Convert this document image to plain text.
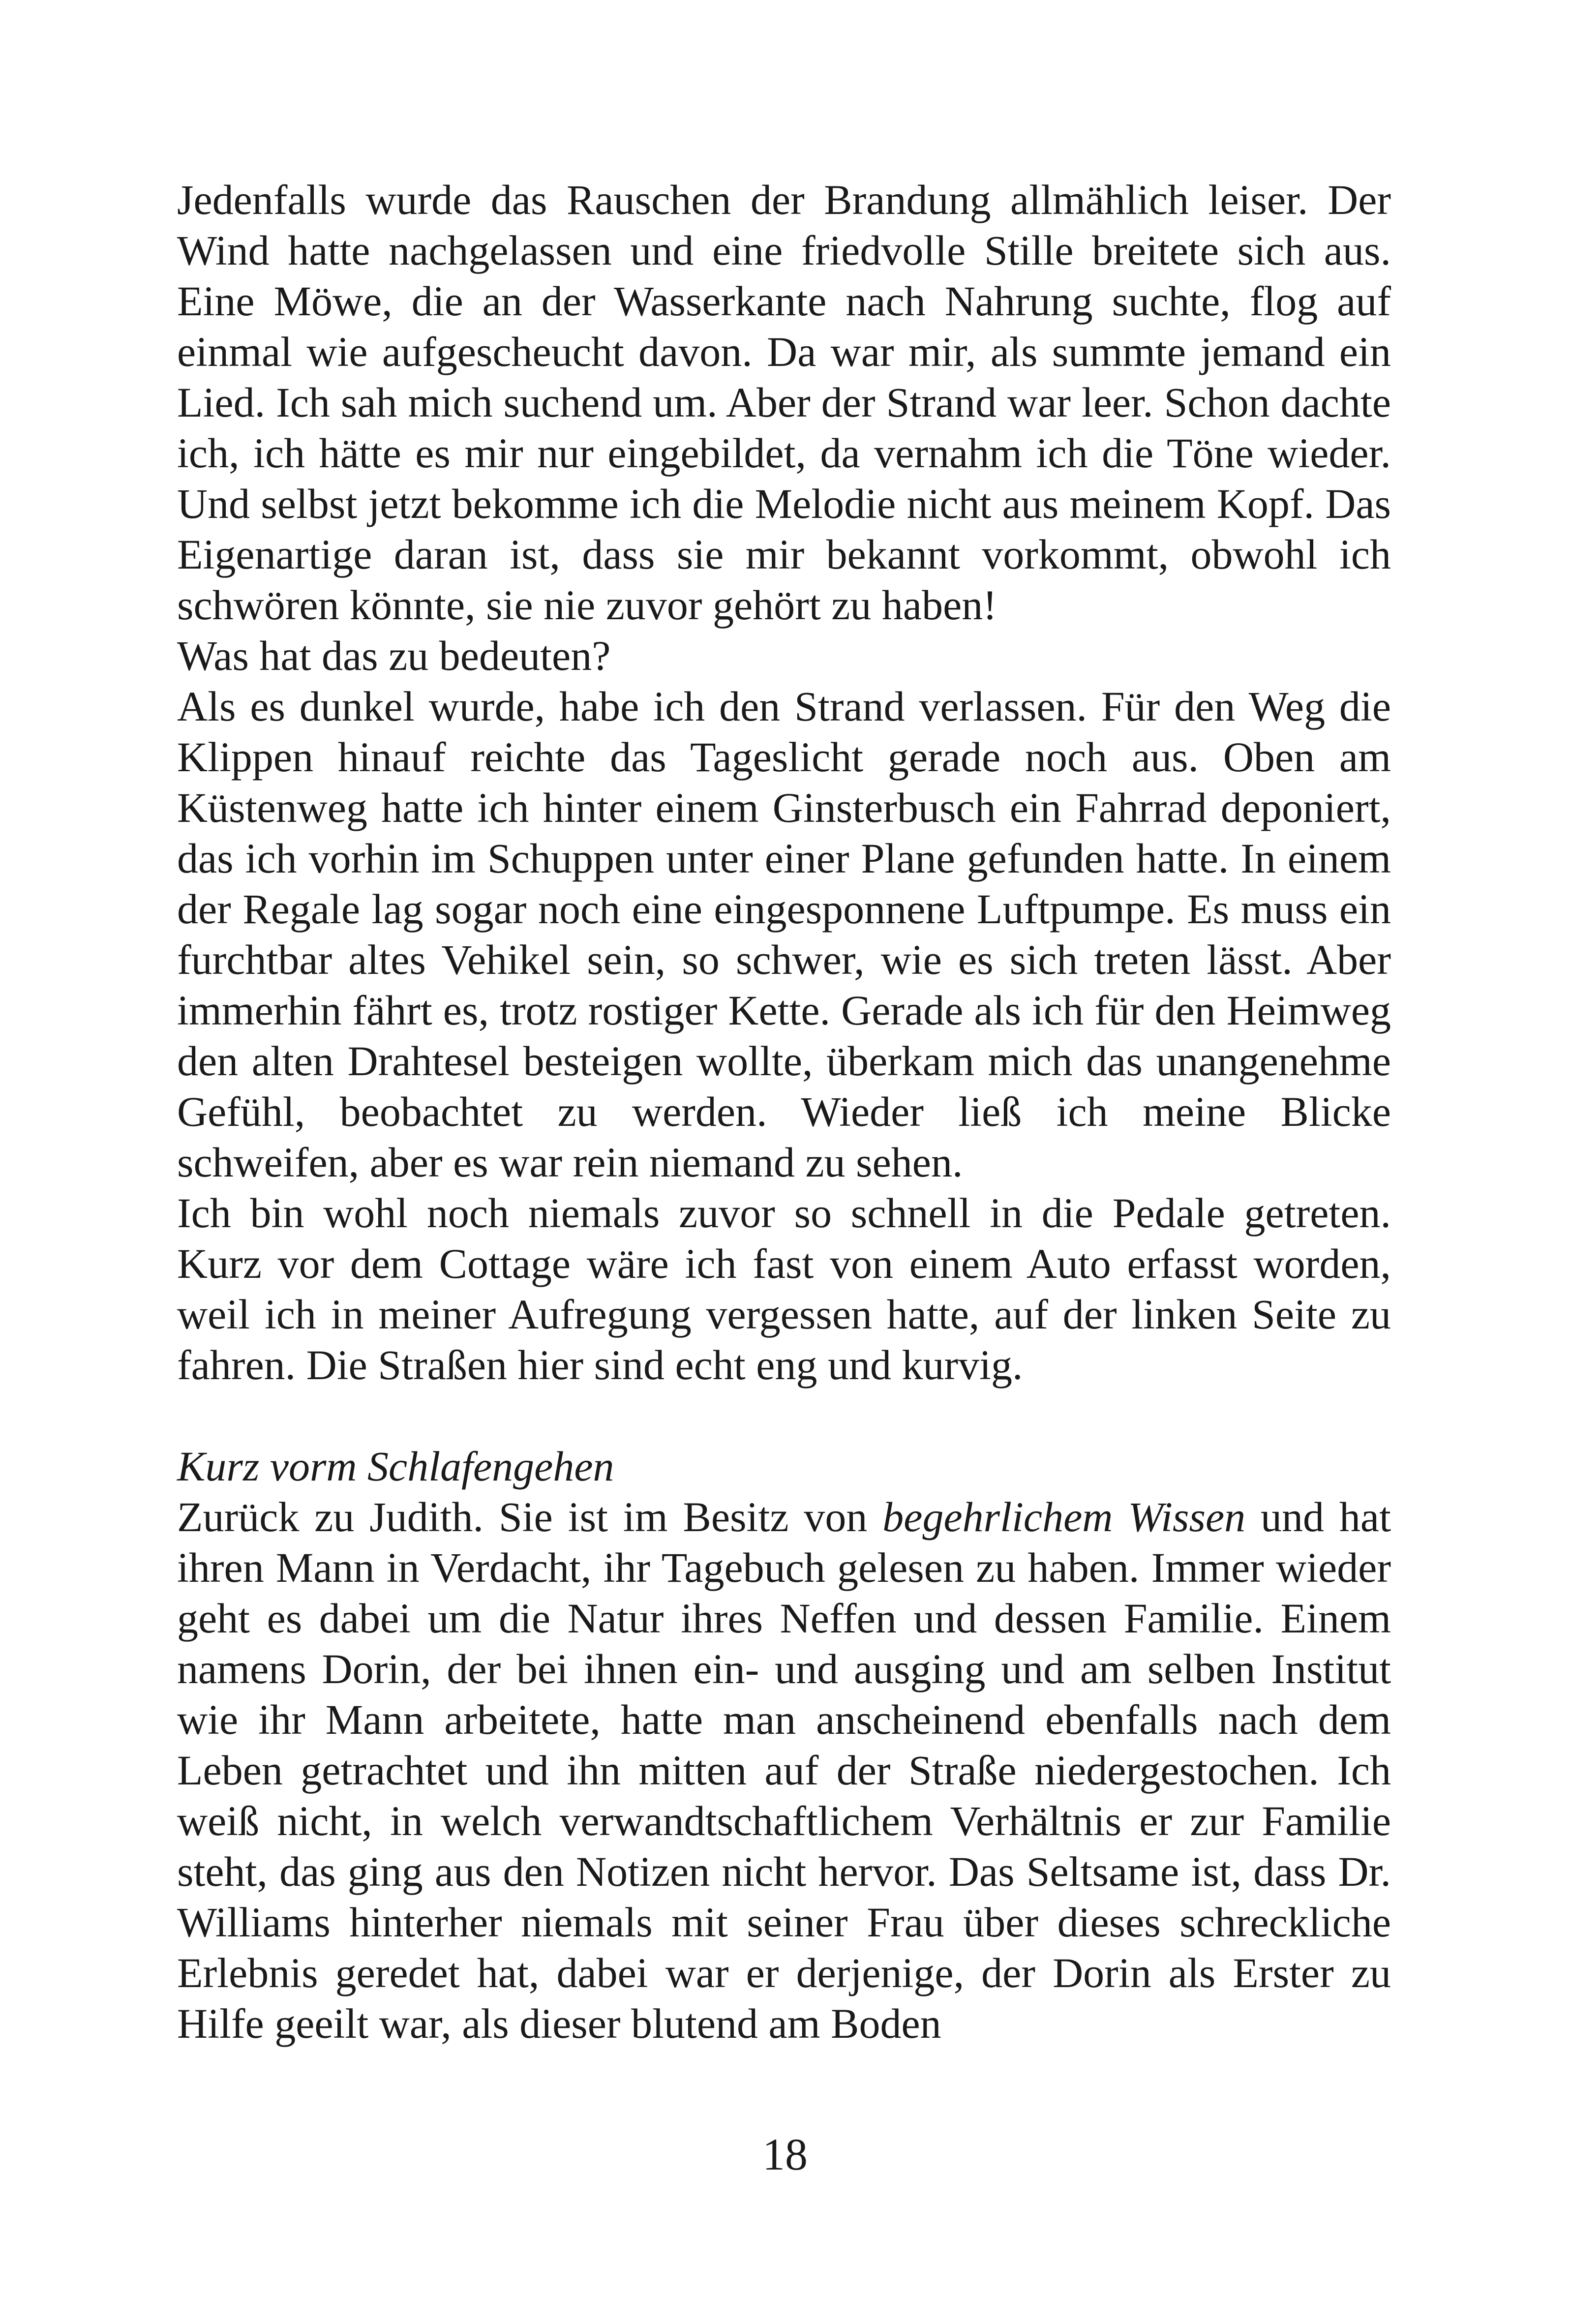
Jedenfalls wurde das Rauschen der Brandung allmählich leiser. Der Wind hatte nachgelassen und eine friedvolle Stille breitete sich aus. Eine Möwe, die an der Wasserkante nach Nahrung suchte, flog auf einmal wie aufgescheucht davon. Da war mir, als summte jemand ein Lied. Ich sah mich suchend um. Aber der Strand war leer. Schon dachte ich, ich hätte es mir nur eingebildet, da vernahm ich die Töne wieder. Und selbst jetzt bekomme ich die Melodie nicht aus meinem Kopf. Das Eigenartige daran ist, dass sie mir bekannt vorkommt, obwohl ich schwören könnte, sie nie zuvor gehört zu haben!

Was hat das zu bedeuten?

Als es dunkel wurde, habe ich den Strand verlassen. Für den Weg die Klippen hinauf reichte das Tageslicht gerade noch aus. Oben am Küstenweg hatte ich hinter einem Ginsterbusch ein Fahrrad deponiert, das ich vorhin im Schuppen unter einer Plane gefunden hatte. In einem der Regale lag sogar noch eine eingesponnene Luftpumpe. Es muss ein furchtbar altes Vehikel sein, so schwer, wie es sich treten lässt. Aber immerhin fährt es, trotz rostiger Kette. Gerade als ich für den Heimweg den alten Drahtesel besteigen wollte, überkam mich das unangenehme Gefühl, beobachtet zu werden. Wieder ließ ich meine Blicke schweifen, aber es war rein niemand zu sehen.

Ich bin wohl noch niemals zuvor so schnell in die Pedale getreten. Kurz vor dem Cottage wäre ich fast von einem Auto erfasst worden, weil ich in meiner Aufregung vergessen hatte, auf der linken Seite zu fahren. Die Straßen hier sind echt eng und kurvig.

Kurz vorm Schlafengehen

Zurück zu Judith. Sie ist im Besitz von begehrlichem Wissen und hat ihren Mann in Verdacht, ihr Tagebuch gelesen zu haben. Immer wieder geht es dabei um die Natur ihres Neffen und dessen Familie. Einem namens Dorin, der bei ihnen ein- und ausging und am selben Institut wie ihr Mann arbeitete, hatte man anscheinend ebenfalls nach dem Leben getrachtet und ihn mitten auf der Straße niedergestochen. Ich weiß nicht, in welch verwandtschaftlichem Verhältnis er zur Familie steht, das ging aus den Notizen nicht hervor. Das Seltsame ist, dass Dr. Williams hinterher niemals mit seiner Frau über dieses schreckliche Erlebnis geredet hat, dabei war er derjenige, der Dorin als Erster zu Hilfe geeilt war, als dieser blutend am Boden

18
